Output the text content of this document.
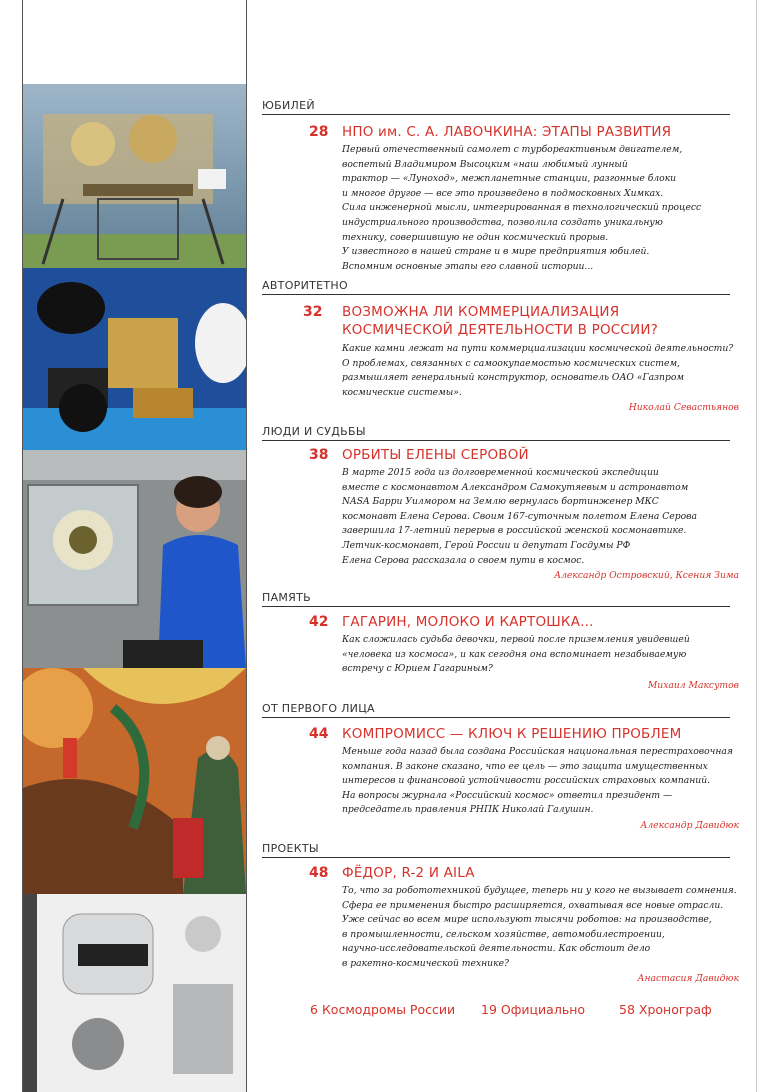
ЮБИЛЕЙ
28 НПО им. С. А. ЛАВОЧКИНА: ЭТАПЫ РАЗВИТИЯ
Первый отечественный самолет с турбореактивным двигателем,
воспетый Владимиром Высоцким «наш любимый лунный
трактор — «Луноход», межпланетные станции, разгонные блоки
и многое другое — все это произведено в подмосковных Химках.
Сила инженерной мысли, интегрированная в технологический процесс
индустриального производства, позволила создать уникальную
технику, совершившую не один космический прорыв.
У известного в нашей стране и в мире предприятия юбилей.
Вспомним основные этапы его славной истории...
АВТОРИТЕТНО
32 ВОЗМОЖНА ЛИ КОММЕРЦИАЛИЗАЦИЯ КОСМИЧЕСКОЙ ДЕЯТЕЛЬНОСТИ В РОССИИ?
Какие камни лежат на пути коммерциализации космической деятельности?
О проблемах, связанных с самоокупаемостью космических систем,
размышляет генеральный конструктор, основатель ОАО «Газпром
космические системы».
Николай Севастьянов
ЛЮДИ И СУДЬБЫ
38 ОРБИТЫ ЕЛЕНЫ СЕРОВОЙ
В марте 2015 года из долговременной космической экспедиции
вместе с космонавтом Александром Самокутяевым и астронавтом
NASA Барри Уилмором на Землю вернулась бортинженер МКС
космонавт Елена Серова. Своим 167-суточным полетом Елена Серова
завершила 17-летний перерыв в российской женской космонавтике.
Летчик-космонавт, Герой России и депутат Госдумы РФ
Елена Серова рассказала о своем пути в космос.
Александр Островский, Ксения Зима
ПАМЯТЬ
42 ГАГАРИН, МОЛОКО И КАРТОШКА...
Как сложилась судьба девочки, первой после приземления увидевшей
«человека из космоса», и как сегодня она вспоминает незабываемую
встречу с Юрием Гагариным?
Михаил Максутов
ОТ ПЕРВОГО ЛИЦА
44 КОМПРОМИСС — КЛЮЧ К РЕШЕНИЮ ПРОБЛЕМ
Меньше года назад была создана Российская национальная перестраховочная
компания. В законе сказано, что ее цель — это защита имущественных
интересов и финансовой устойчивости российских страховых компаний.
На вопросы журнала «Российский космос» ответил президент —
председатель правления РНПК Николай Галушин.
Александр Давидюк
ПРОЕКТЫ
48 ФЁДОР, R-2 И AILA
То, что за робототехникой будущее, теперь ни у кого не вызывает сомнения.
Сфера ее применения быстро расширяется, охватывая все новые отрасли.
Уже сейчас во всем мире используют тысячи роботов: на производстве,
в промышленности, сельском хозяйстве, автомобилестроении,
научно-исследовательской деятельности. Как обстоит дело
в ракетно-космической технике?
Анастасия Давидюк
6 Космодромы России 19 Официально	58 Хронограф
